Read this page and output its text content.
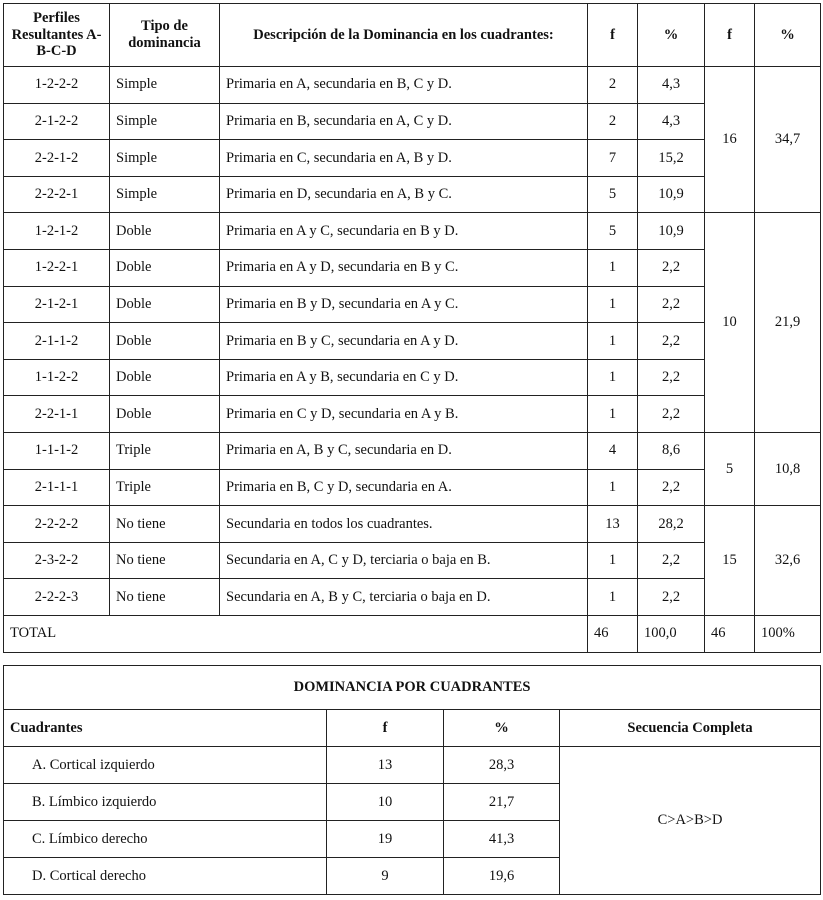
Perfiles Resultantes A-B-C-D	Tipo de dominancia	Descripción de la Dominancia en los cuadrantes:	f	%	f	%
1-2-2-2	Simple	Primaria en A, secundaria en B, C y D.	2	4,3	16	34,7
2-1-2-2	Simple	Primaria en B, secundaria en A, C y D.	2	4,3		
2-2-1-2	Simple	Primaria en C, secundaria en A, B y D.	7	15,2		
2-2-2-1	Simple	Primaria en D, secundaria en A, B y C.	5	10,9		
1-2-1-2	Doble	Primaria en A y C, secundaria en B y D.	5	10,9	10	21,9
1-2-2-1	Doble	Primaria en A y D, secundaria en B y C.	1	2,2		
2-1-2-1	Doble	Primaria en B y D, secundaria en A y C.	1	2,2		
2-1-1-2	Doble	Primaria en B y C, secundaria en A y D.	1	2,2		
1-1-2-2	Doble	Primaria en A y B, secundaria en C y D.	1	2,2		
2-2-1-1	Doble	Primaria en C y D, secundaria en A y B.	1	2,2		
1-1-1-2	Triple	Primaria en A, B y C, secundaria en D.	4	8,6	5	10,8
2-1-1-1	Triple	Primaria en B, C y D, secundaria en A.	1	2,2		
2-2-2-2	No tiene	Secundaria en todos los cuadrantes.	13	28,2	15	32,6
2-3-2-2	No tiene	Secundaria en A, C y D, terciaria o baja en B.	1	2,2		
2-2-2-3	No tiene	Secundaria en A, B y C, terciaria o baja en D.	1	2,2		
TOTAL			46	100,0	46	100%
DOMINANCIA POR CUADRANTES			
Cuadrantes	f	%	Secuencia Completa
A. Cortical izquierdo	13	28,3	C>A>B>D
B. Límbico izquierdo	10	21,7	
C. Límbico derecho	19	41,3	
D. Cortical derecho	9	19,6	
